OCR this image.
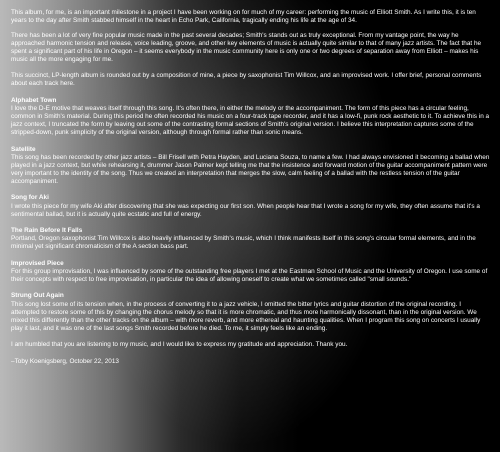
This album, for me, is an important milestone in a project I have been working on for much of my career: performing the music of Elliott Smith. As I write this, it is ten years to the day after Smith stabbed himself in the heart in Echo Park, California, tragically ending his life at the age of 34.

There has been a lot of very fine popular music made in the past several decades; Smith's stands out as truly exceptional. From my vantage point, the way he approached harmonic tension and release, voice leading, groove, and other key elements of music is actually quite similar to that of many jazz artists. The fact that he spent a significant part of his life in Oregon – it seems everybody in the music community here is only one or two degrees of separation away from Elliott – makes his music all the more engaging for me.

This succinct, LP-length album is rounded out by a composition of mine, a piece by saxophonist Tim Willcox, and an improvised work. I offer brief, personal comments about each track here.

Alphabet Town
I love the D-E motive that weaves itself through this song. It's often there, in either the melody or the accompaniment. The form of this piece has a circular feeling, common in Smith's material. During this period he often recorded his music on a four-track tape recorder, and it has a low-fi, punk rock aesthetic to it. To achieve this in a jazz context, I truncated the form by leaving out some of the contrasting formal sections of Smith's original version. I believe this interpretation captures some of the stripped-down, punk simplicity of the original version, although through formal rather than sonic means.
Satellite
This song has been recorded by other jazz artists – Bill Frisell with Petra Hayden, and Luciana Souza, to name a few. I had always envisioned it becoming a ballad when played in a jazz context, but while rehearsing it, drummer Jason Palmer kept telling me that the insistence and forward motion of the guitar accompaniment pattern were very important to the identity of the song. Thus we created an interpretation that merges the slow, calm feeling of a ballad with the restless tension of the guitar accompaniment.
Song for Aki
I wrote this piece for my wife Aki after discovering that she was expecting our first son. When people hear that I wrote a song for my wife, they often assume that it's a sentimental ballad, but it is actually quite ecstatic and full of energy.
The Rain Before It Falls
Portland, Oregon saxophonist Tim Willcox is also heavily influenced by Smith's music, which I think manifests itself in this song's circular formal elements, and in the minimal yet significant chromaticism of the A section bass part.
Improvised Piece
For this group improvisation, I was influenced by some of the outstanding free players I met at the Eastman School of Music and the University of Oregon. I use some of their concepts with respect to free improvisation, in particular the idea of allowing oneself to create what we sometimes called "small sounds."
Strung Out Again
This song lost some of its tension when, in the process of converting it to a jazz vehicle, I omitted the bitter lyrics and guitar distortion of the original recording. I attempted to restore some of this by changing the chorus melody so that it is more chromatic, and thus more harmonically dissonant, than in the original version. We mixed this differently than the other tracks on the album – with more reverb, and more ethereal and haunting qualities. When I program this song on concerts I usually play it last, and it was one of the last songs Smith recorded before he died. To me, it simply feels like an ending.

I am humbled that you are listening to my music, and I would like to express my gratitude and appreciation. Thank you.

–Toby Koenigsberg, October 22, 2013
